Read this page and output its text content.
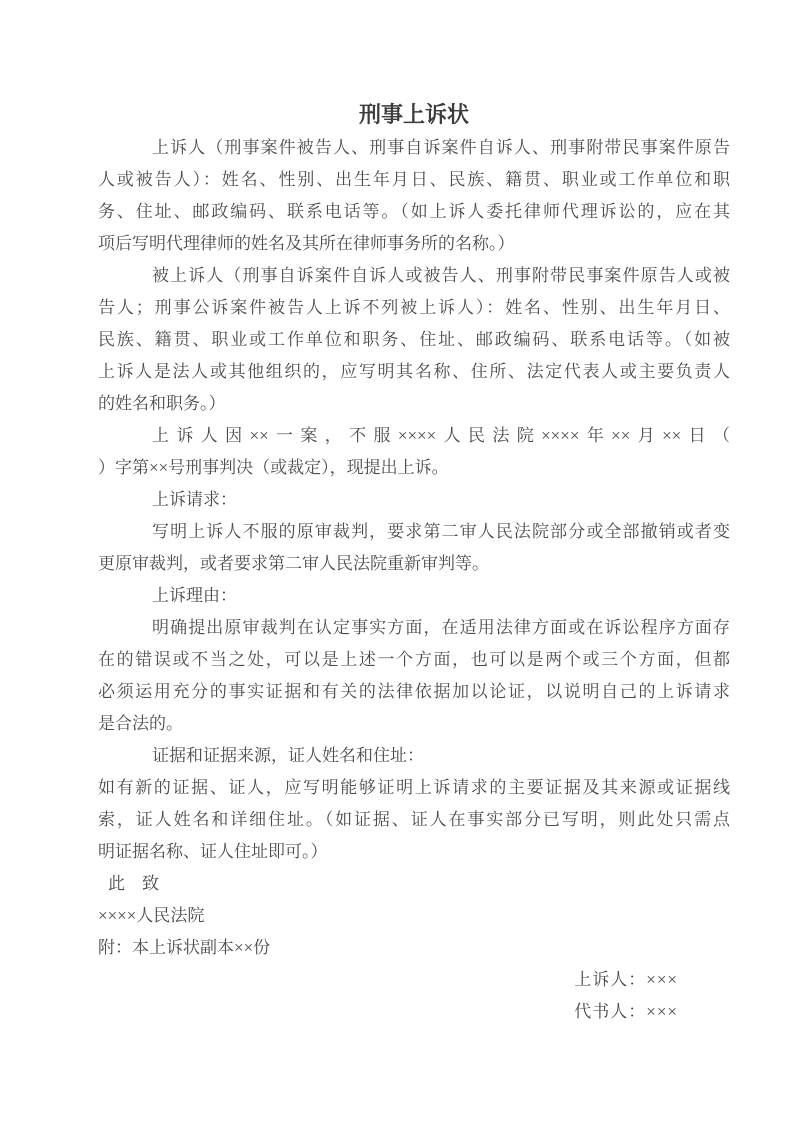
刑事上诉状
上诉人（刑事案件被告人、刑事自诉案件自诉人、刑事附带民事案件原告
人或被告人）：姓名、性别、出生年月日、民族、籍贯、职业或工作单位和职
务、住址、邮政编码、联系电话等。（如上诉人委托律师代理诉讼的，应在其
项后写明代理律师的姓名及其所在律师事务所的名称。）
被上诉人（刑事自诉案件自诉人或被告人、刑事附带民事案件原告人或被
告人；刑事公诉案件被告人上诉不列被上诉人）：姓名、性别、出生年月日、
民族、籍贯、职业或工作单位和职务、住址、邮政编码、联系电话等。（如被
上诉人是法人或其他组织的，应写明其名称、住所、法定代表人或主要负责人
的姓名和职务。）
上诉人因××一案，不服××××人民法院××××年××月××日（
）字第××号刑事判决（或裁定），现提出上诉。
上诉请求：
写明上诉人不服的原审裁判，要求第二审人民法院部分或全部撤销或者变
更原审裁判，或者要求第二审人民法院重新审判等。
上诉理由：
明确提出原审裁判在认定事实方面，在适用法律方面或在诉讼程序方面存
在的错误或不当之处，可以是上述一个方面，也可以是两个或三个方面，但都
必须运用充分的事实证据和有关的法律依据加以论证，以说明自己的上诉请求
是合法的。
证据和证据来源，证人姓名和住址：
如有新的证据、证人，应写明能够证明上诉请求的主要证据及其来源或证据线
索，证人姓名和详细住址。（如证据、证人在事实部分已写明，则此处只需点
明证据名称、证人住址即可。）
此　致
××××人民法院
附：本上诉状副本××份
上诉人：×××
代书人：×××
